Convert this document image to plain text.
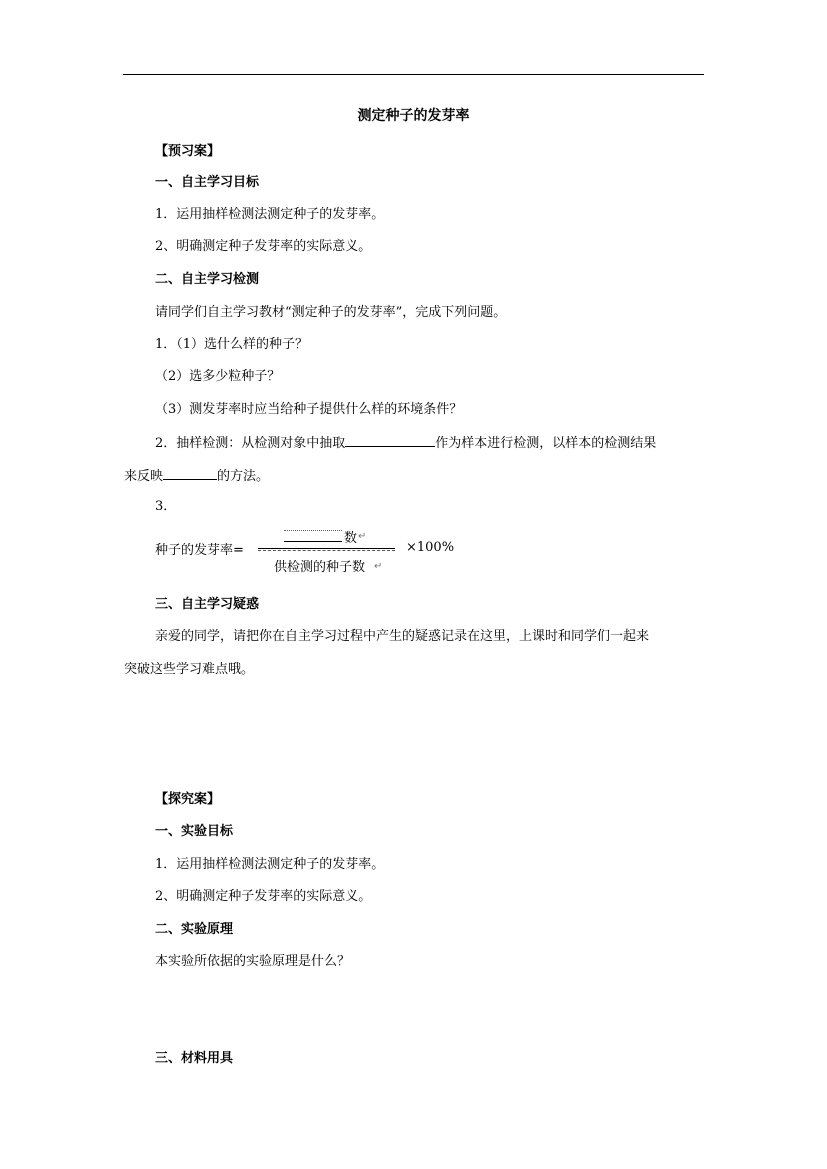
测定种子的发芽率
【预习案】
一、自主学习目标
1．运用抽样检测法测定种子的发芽率。
2、明确测定种子发芽率的实际意义。
二、自主学习检测
请同学们自主学习教材“测定种子的发芽率”，完成下列问题。
1．（1）选什么样的种子？
（2）选多少粒种子？
（3）测发芽率时应当给种子提供什么样的环境条件？
2．抽样检测：从检测对象中抽取	作为样本进行检测，以样本的检测结果
来反映	的方法。
3．
种子的发芽率=
数 ↵
供检测的种子数 ↵
×100%
三、自主学习疑惑
亲爱的同学，请把你在自主学习过程中产生的疑惑记录在这里，上课时和同学们一起来
突破这些学习难点哦。
【探究案】
一、实验目标
1．运用抽样检测法测定种子的发芽率。
2、明确测定种子发芽率的实际意义。
二、实验原理
本实验所依据的实验原理是什么？
三、材料用具
